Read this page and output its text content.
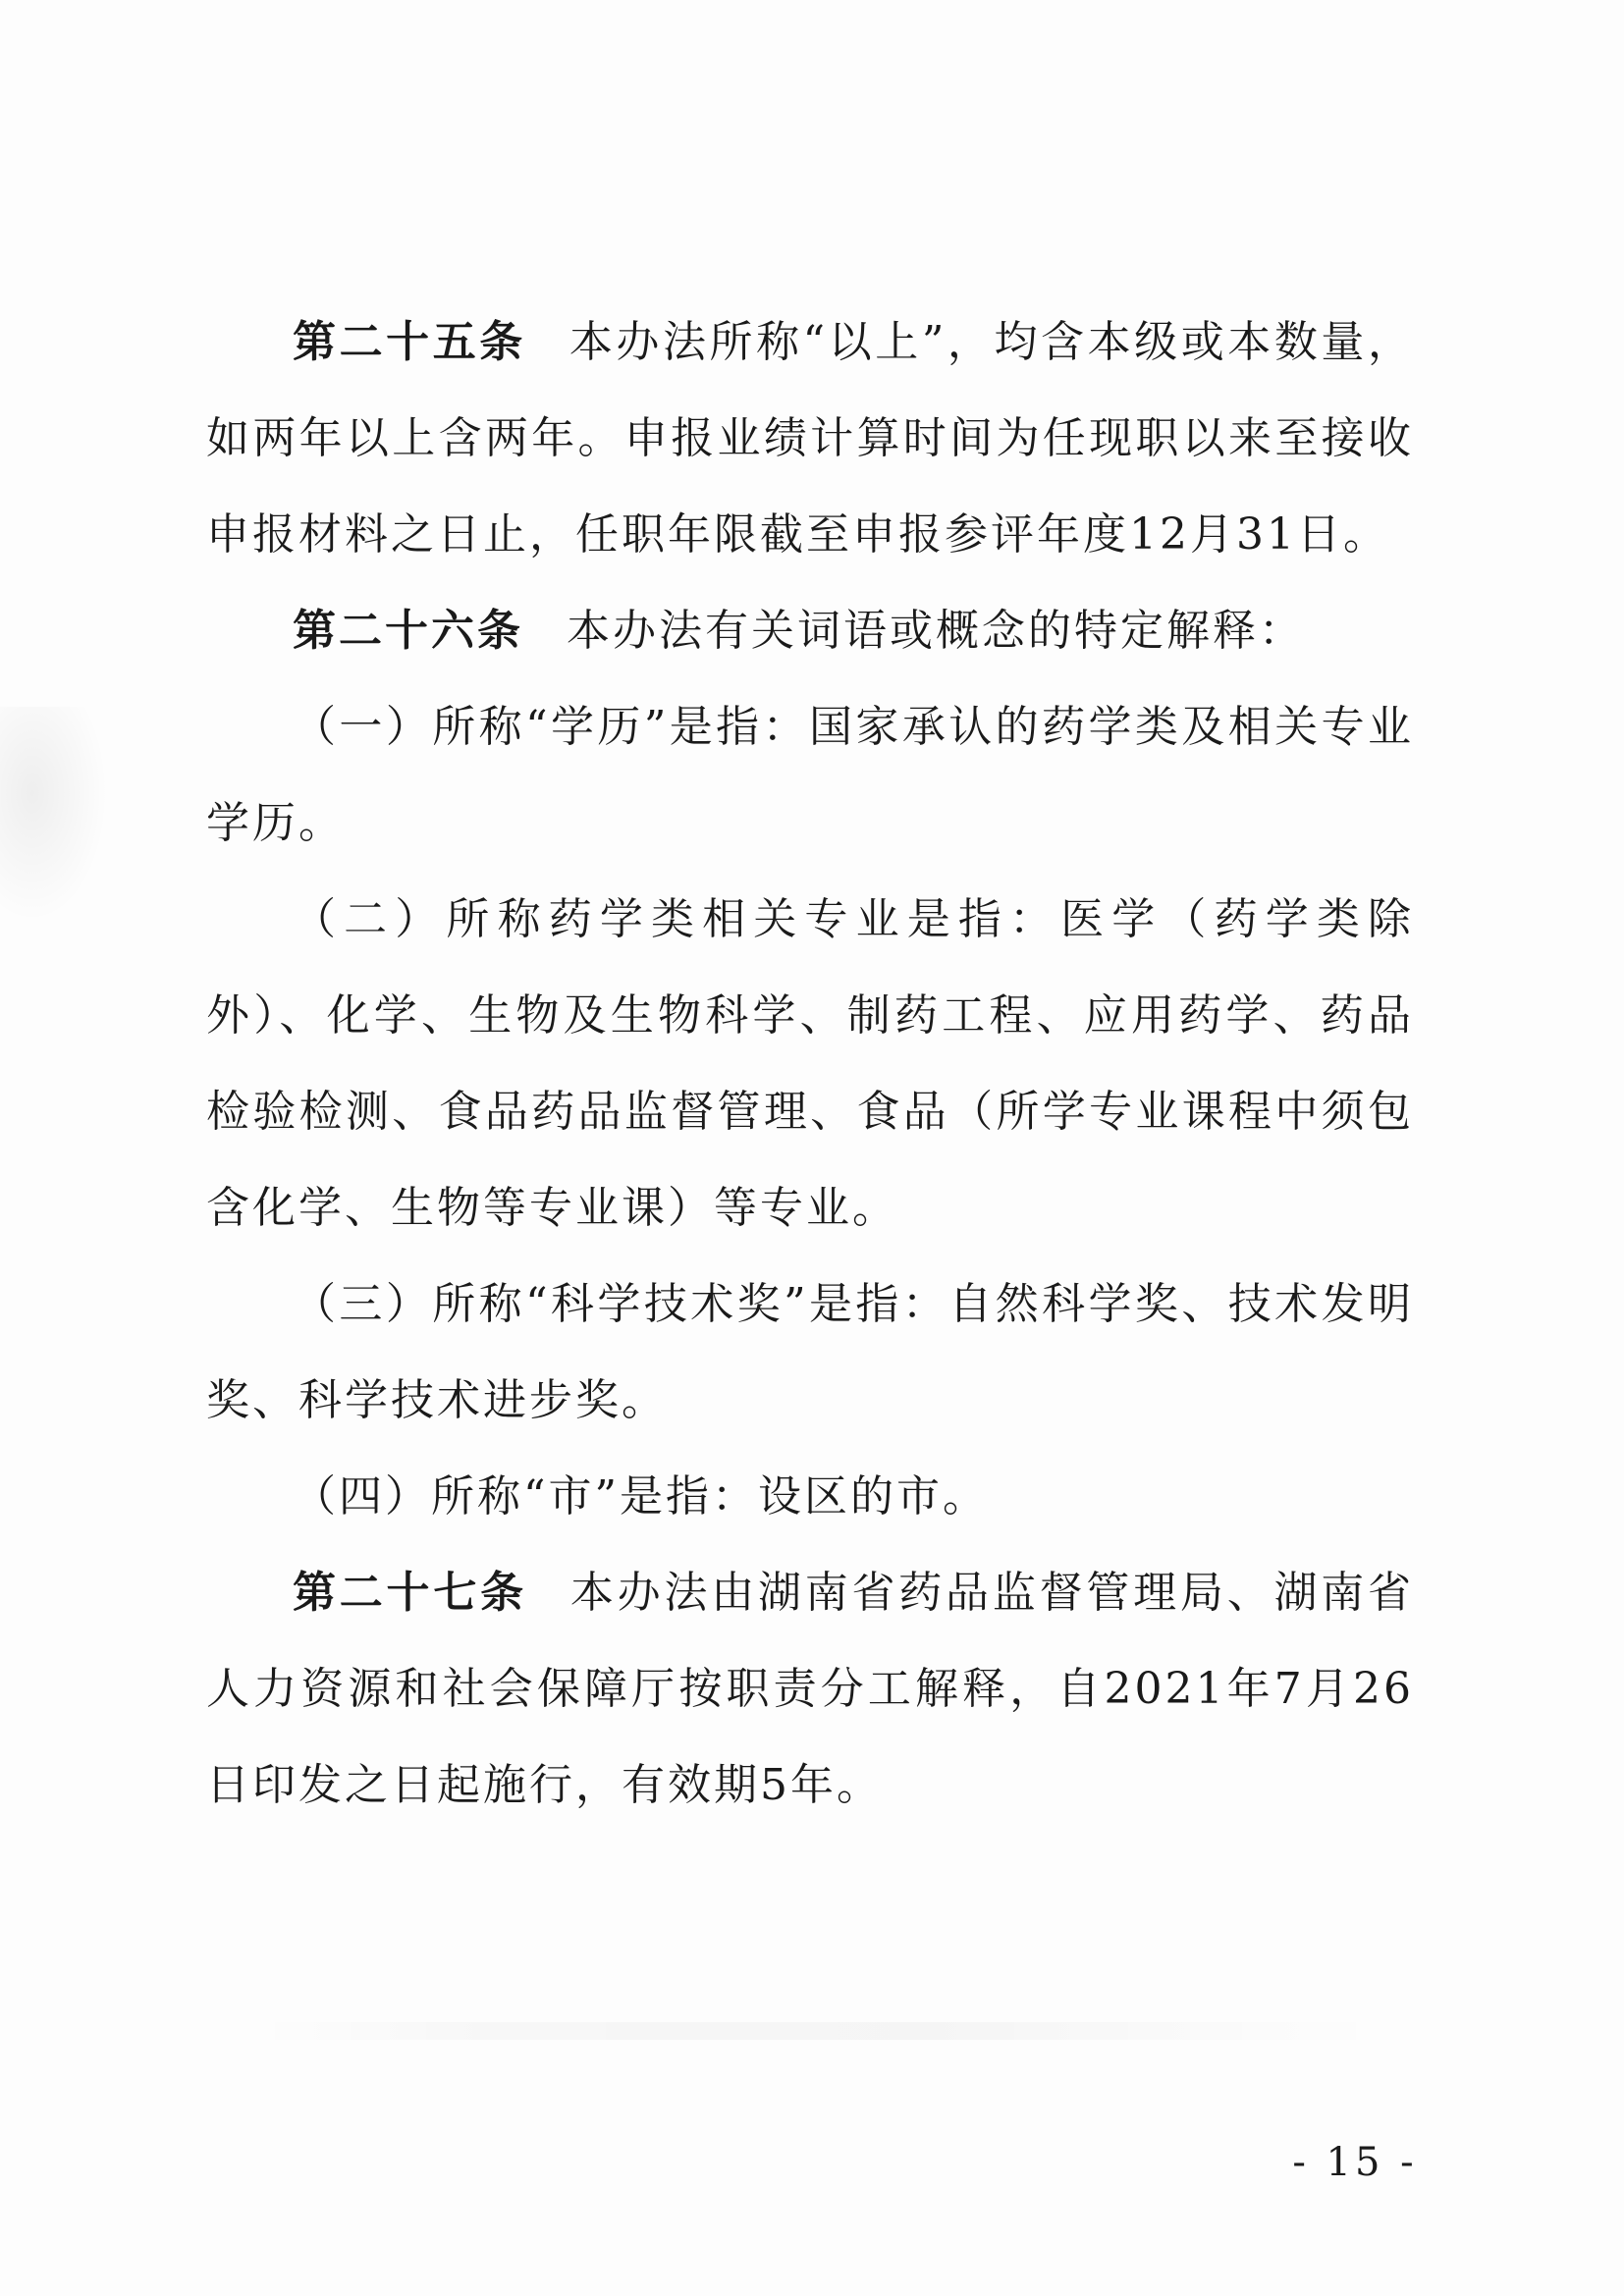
第二十五条 本办法所称“以上”，均含本级或本数量，如两年以上含两年。申报业绩计算时间为任现职以来至接收申报材料之日止，任职年限截至申报参评年度12月31日。

第二十六条 本办法有关词语或概念的特定解释：

（一）所称“学历”是指：国家承认的药学类及相关专业学历。

（二）所称药学类相关专业是指：医学（药学类除外）、化学、生物及生物科学、制药工程、应用药学、药品检验检测、食品药品监督管理、食品（所学专业课程中须包含化学、生物等专业课）等专业。

（三）所称“科学技术奖”是指：自然科学奖、技术发明奖、科学技术进步奖。

（四）所称“市”是指：设区的市。

第二十七条 本办法由湖南省药品监督管理局、湖南省人力资源和社会保障厅按职责分工解释，自2021年7月26日印发之日起施行，有效期5年。

- 15 -
